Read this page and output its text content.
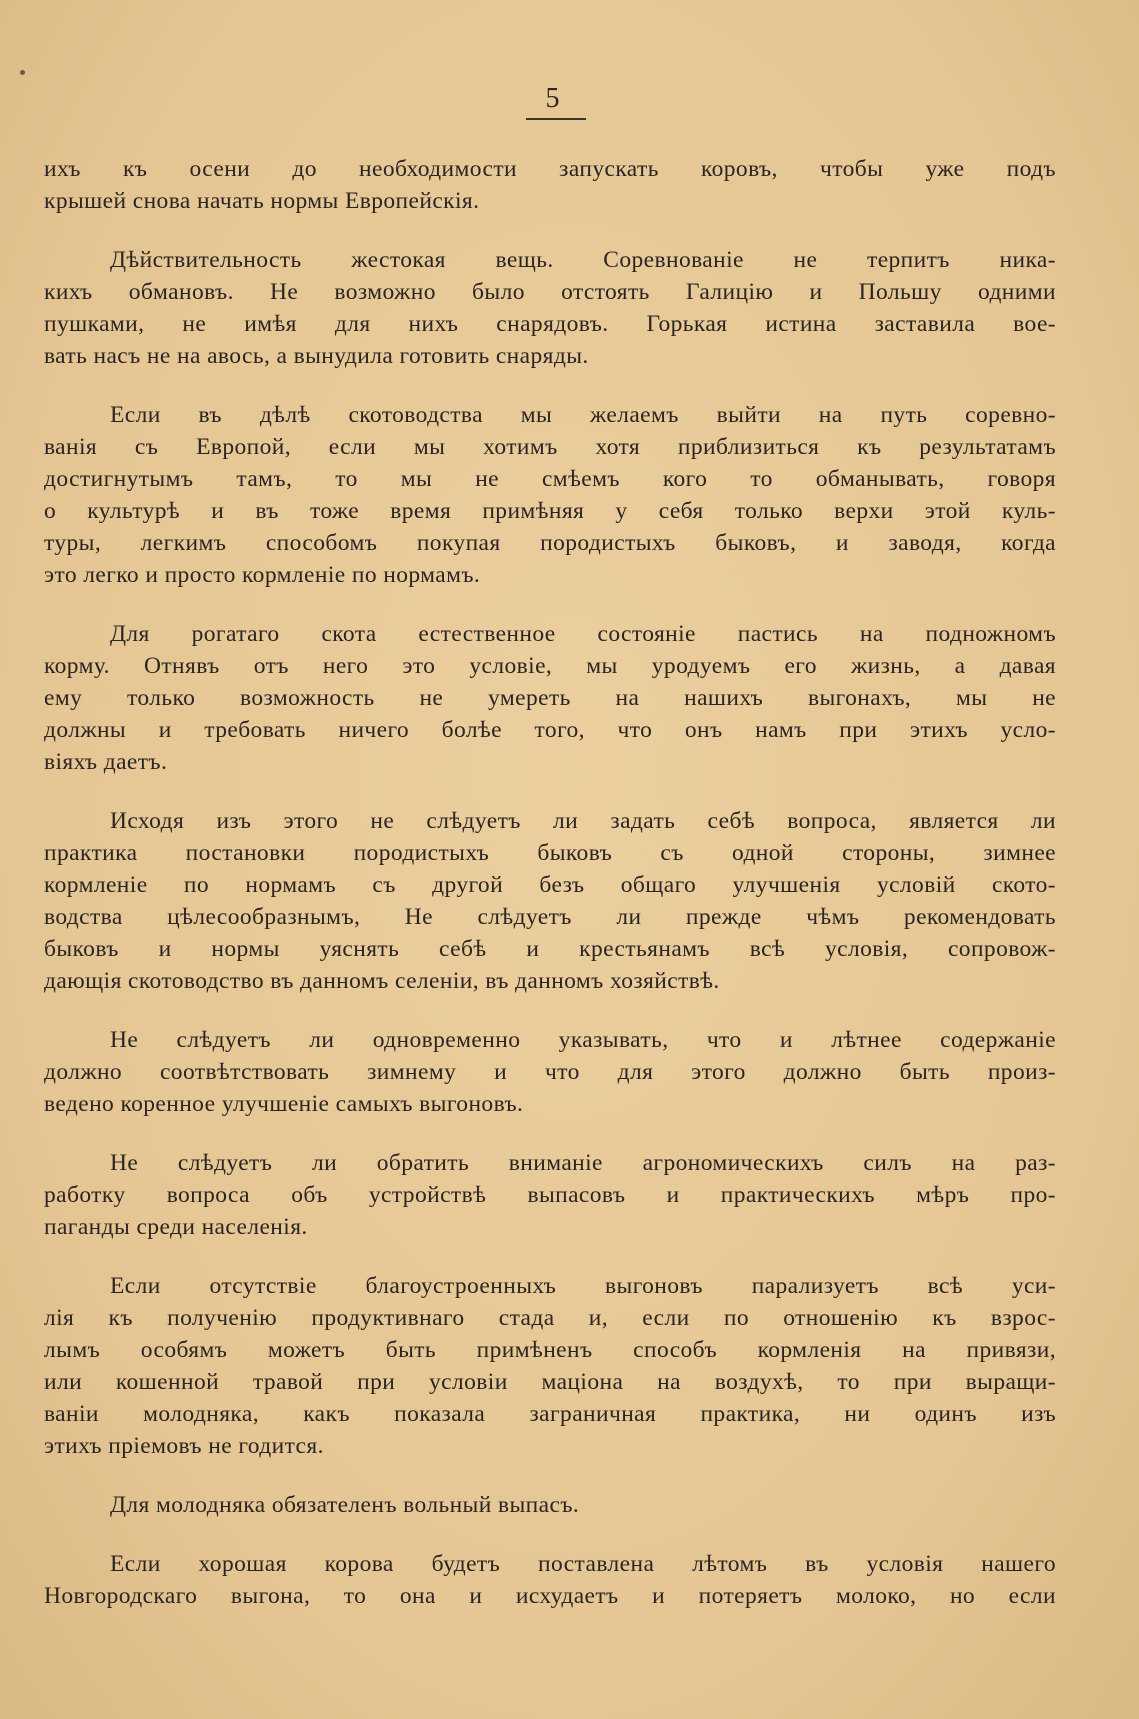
5
ихъ къ осени до необходимости запускать коровъ, чтобы уже подъ
крышей снова начать нормы Европейскія.
Дѣйствительность жестокая вещь. Соревнованіе не терпитъ ника-
кихъ обмановъ. Не возможно было отстоять Галицію и Польшу одними
пушками, не имѣя для нихъ снарядовъ. Горькая истина заставила вое-
вать насъ не на авось, а вынудила готовить снаряды.
Если въ дѣлѣ скотоводства мы желаемъ выйти на путь соревно-
ванія съ Европой, если мы хотимъ хотя приблизиться къ результатамъ
достигнутымъ тамъ, то мы не смѣемъ кого то обманывать, говоря
о культурѣ и въ тоже время примѣняя у себя только верхи этой куль-
туры, легкимъ способомъ покупая породистыхъ быковъ, и заводя, когда
это легко и просто кормленіе по нормамъ.
Для рогатаго скота естественное состояніе пастись на подножномъ
корму. Отнявъ отъ него это условіе, мы уродуемъ его жизнь, а давая
ему только возможность не умереть на нашихъ выгонахъ, мы не
должны и требовать ничего болѣе того, что онъ намъ при этихъ усло-
віяхъ даетъ.
Исходя изъ этого не слѣдуетъ ли задать себѣ вопроса, является ли
практика постановки породистыхъ быковъ съ одной стороны, зимнее
кормленіе по нормамъ съ другой безъ общаго улучшенія условій ското-
водства цѣлесообразнымъ, Не слѣдуетъ ли прежде чѣмъ рекомендовать
быковъ и нормы уяснять себѣ и крестьянамъ всѣ условія, сопровож-
дающія скотоводство въ данномъ селеніи, въ данномъ хозяйствѣ.
Не слѣдуетъ ли одновременно указывать, что и лѣтнее содержаніе
должно соотвѣтствовать зимнему и что для этого должно быть произ-
ведено коренное улучшеніе самыхъ выгоновъ.
Не слѣдуетъ ли обратить вниманіе агрономическихъ силъ на раз-
работку вопроса объ устройствѣ выпасовъ и практическихъ мѣръ про-
паганды среди населенія.
Если отсутствіе благоустроенныхъ выгоновъ парализуетъ всѣ уси-
лія къ полученію продуктивнаго стада и, если по отношенію къ взрос-
лымъ особямъ можетъ быть примѣненъ способъ кормленія на привязи,
или кошенной травой при условіи маціона на воздухѣ, то при выращи-
ваніи молодняка, какъ показала заграничная практика, ни одинъ изъ
этихъ пріемовъ не годится.
Для молодняка обязателенъ вольный выпасъ.
Если хорошая корова будетъ поставлена лѣтомъ въ условія нашего
Новгородскаго выгона, то она и исхудаетъ и потеряетъ молоко, но если
